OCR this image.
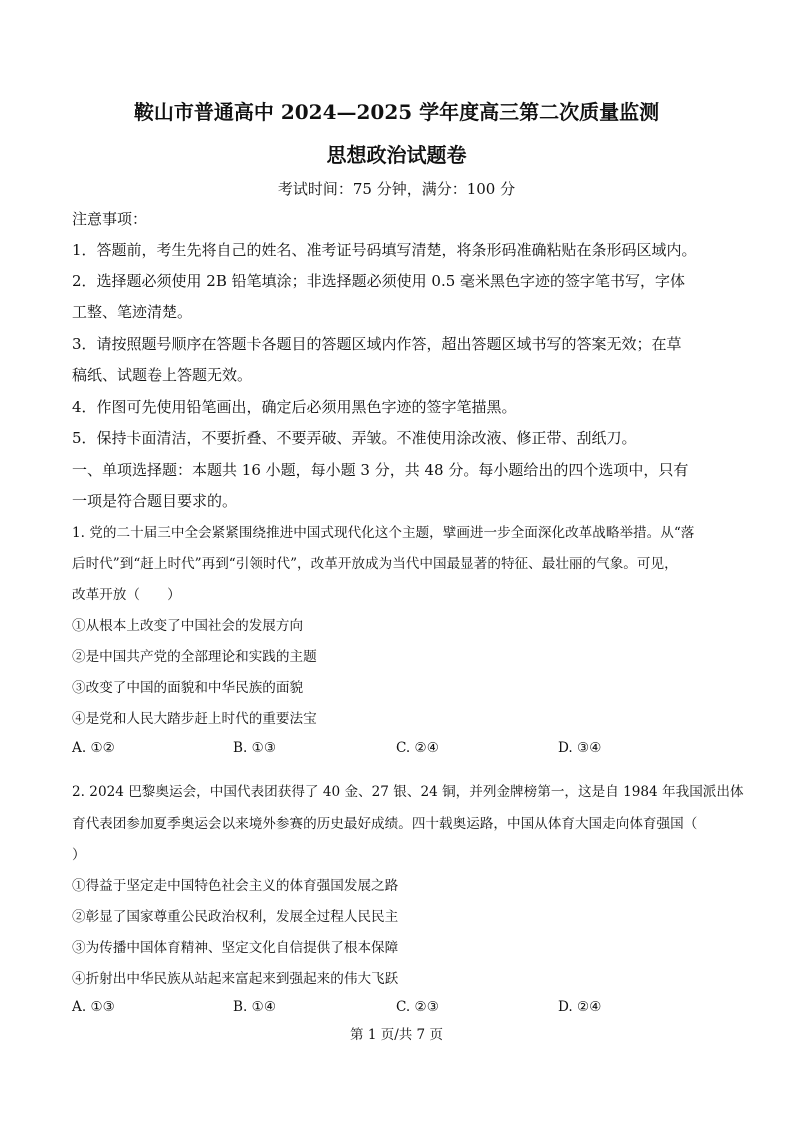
鞍山市普通高中 2024—2025 学年度高三第二次质量监测
思想政治试题卷
考试时间：75 分钟，满分：100 分
注意事项：
1．答题前，考生先将自己的姓名、准考证号码填写清楚，将条形码准确粘贴在条形码区域内。
2．选择题必须使用 2B 铅笔填涂；非选择题必须使用 0.5 毫米黑色字迹的签字笔书写，字体
工整、笔迹清楚。
3．请按照题号顺序在答题卡各题目的答题区域内作答，超出答题区域书写的答案无效；在草
稿纸、试题卷上答题无效。
4．作图可先使用铅笔画出，确定后必须用黑色字迹的签字笔描黑。
5．保持卡面清洁，不要折叠、不要弄破、弄皱。不准使用涂改液、修正带、刮纸刀。
一、单项选择题：本题共 16 小题，每小题 3 分，共 48 分。每小题给出的四个选项中，只有
一项是符合题目要求的。
1. 党的二十届三中全会紧紧围绕推进中国式现代化这个主题，擘画进一步全面深化改革战略举措。从“落
后时代”到“赶上时代”再到“引领时代”，改革开放成为当代中国最显著的特征、最壮丽的气象。可见，
改革开放（　　）
①从根本上改变了中国社会的发展方向
②是中国共产党的全部理论和实践的主题
③改变了中国的面貌和中华民族的面貌
④是党和人民大踏步赶上时代的重要法宝
A. ①②	B. ①③	C. ②④	D. ③④
2. 2024 巴黎奥运会，中国代表团获得了 40 金、27 银、24 铜，并列金牌榜第一，这是自 1984 年我国派出体
育代表团参加夏季奥运会以来境外参赛的历史最好成绩。四十载奥运路，中国从体育大国走向体育强国（
）
①得益于坚定走中国特色社会主义的体育强国发展之路
②彰显了国家尊重公民政治权利，发展全过程人民民主
③为传播中国体育精神、坚定文化自信提供了根本保障
④折射出中华民族从站起来富起来到强起来的伟大飞跃
A. ①③	B. ①④	C. ②③	D. ②④
第 1 页/共 7 页
